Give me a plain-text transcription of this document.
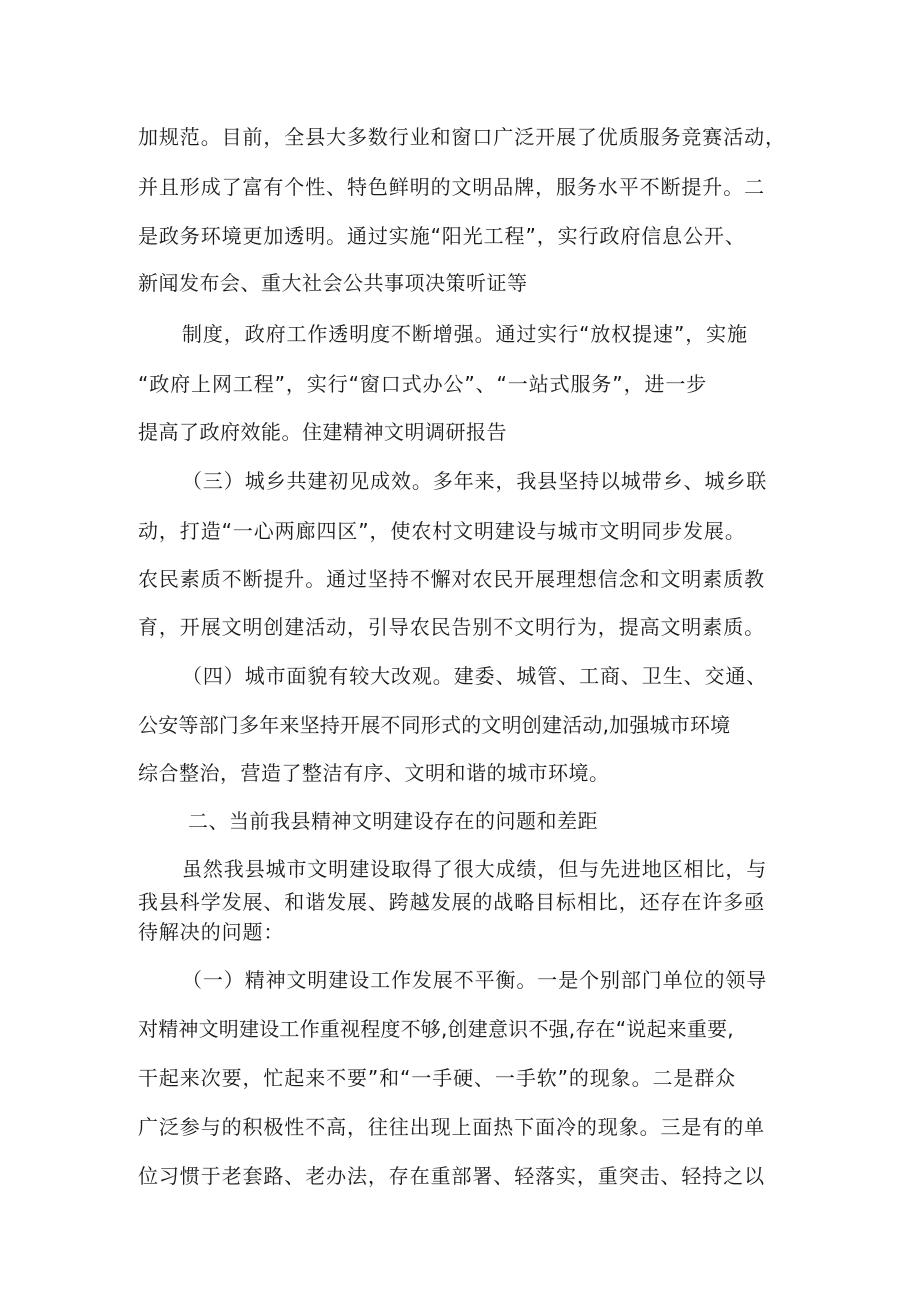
加规范。目前，全县大多数行业和窗口广泛开展了优质服务竞赛活动，
并且形成了富有个性、特色鲜明的文明品牌，服务水平不断提升。二
是政务环境更加透明。通过实施“阳光工程”，实行政府信息公开、
新闻发布会、重大社会公共事项决策听证等
制度，政府工作透明度不断增强。通过实行“放权提速”，实施
“政府上网工程”，实行“窗口式办公”、“一站式服务”，进一步
提高了政府效能。住建精神文明调研报告
（三）城乡共建初见成效。多年来，我县坚持以城带乡、城乡联
动，打造“一心两廊四区”，使农村文明建设与城市文明同步发展。
农民素质不断提升。通过坚持不懈对农民开展理想信念和文明素质教
育，开展文明创建活动，引导农民告别不文明行为，提高文明素质。
（四）城市面貌有较大改观。建委、城管、工商、卫生、交通、
公安等部门多年来坚持开展不同形式的文明创建活动,加强城市环境
综合整治，营造了整洁有序、文明和谐的城市环境。
二、当前我县精神文明建设存在的问题和差距
虽然我县城市文明建设取得了很大成绩，但与先进地区相比，与
我县科学发展、和谐发展、跨越发展的战略目标相比，还存在许多亟
待解决的问题：
（一）精神文明建设工作发展不平衡。一是个别部门单位的领导
对精神文明建设工作重视程度不够,创建意识不强,存在“说起来重要,
干起来次要，忙起来不要”和“一手硬、一手软”的现象。二是群众
广泛参与的积极性不高，往往出现上面热下面冷的现象。三是有的单
位习惯于老套路、老办法，存在重部署、轻落实，重突击、轻持之以
